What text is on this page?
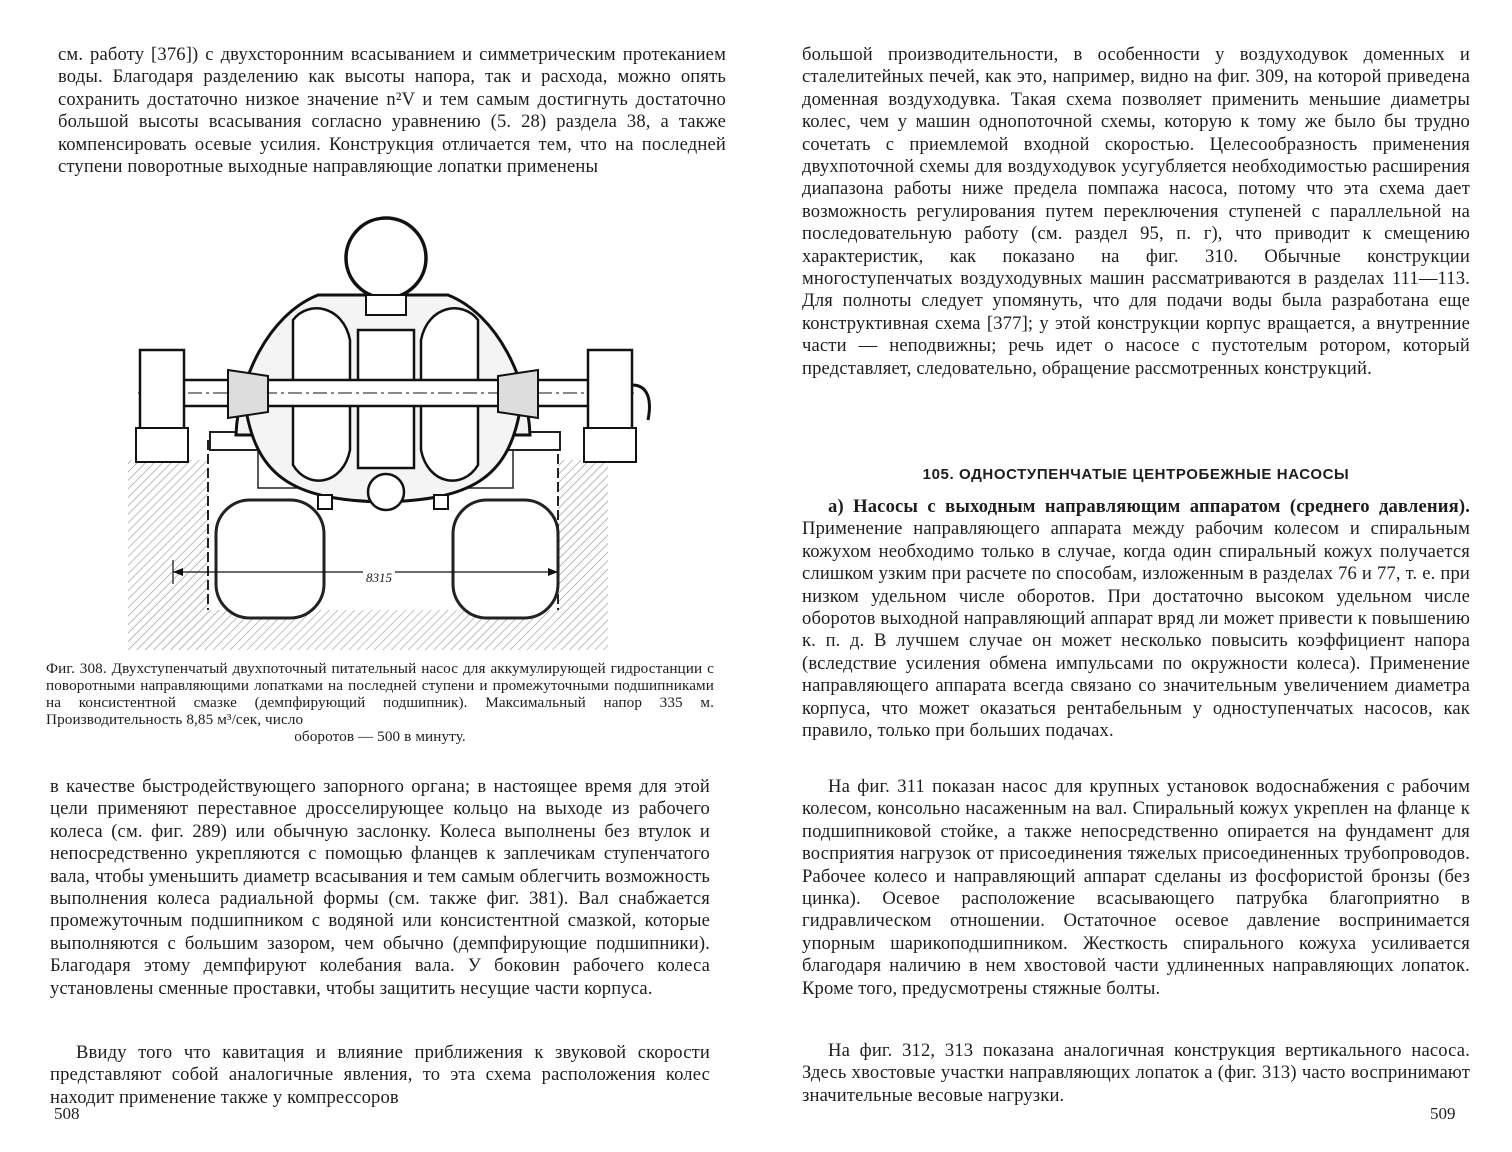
см. работу [376]) с двухсторонним всасыванием и симметрическим протеканием воды. Благодаря разделению как высоты напора, так и расхода, можно опять сохранить достаточно низкое значение n²V и тем самым достигнуть достаточно большой высоты всасывания согласно уравнению (5. 28) раздела 38, а также компенсировать осевые усилия. Конструкция отличается тем, что на последней ступени поворотные выходные направляющие лопатки применены

8315

Фиг. 308. Двухступенчатый двухпоточный питательный насос для аккумулирующей гидростанции с поворотными направляющими лопатками на последней ступени и промежуточными подшипниками на консистентной смазке (демпфирующий подшипник). Максимальный напор 335 м. Производительность 8,85 м³/сек, число
оборотов — 500 в минуту.

в качестве быстродействующего запорного органа; в настоящее время для этой цели применяют переставное дросселирующее кольцо на выходе из рабочего колеса (см. фиг. 289) или обычную заслонку. Колеса выполнены без втулок и непосредственно укрепляются с помощью фланцев к заплечикам ступенчатого вала, чтобы уменьшить диаметр всасывания и тем самым облегчить возможность выполнения колеса радиальной формы (см. также фиг. 381). Вал снабжается промежуточным подшипником с водяной или консистентной смазкой, которые выполняются с большим зазором, чем обычно (демпфирующие подшипники). Благодаря этому демпфируют колебания вала. У боковин рабочего колеса установлены сменные проставки, чтобы защитить несущие части корпуса.

Ввиду того что кавитация и влияние приближения к звуковой скорости представляют собой аналогичные явления, то эта схема расположения колес находит применение также у компрессоров

508

большой производительности, в особенности у воздуходувок доменных и сталелитейных печей, как это, например, видно на фиг. 309, на которой приведена доменная воздуходувка. Такая схема позволяет применить меньшие диаметры колес, чем у машин однопоточной схемы, которую к тому же было бы трудно сочетать с приемлемой входной скоростью. Целесообразность применения двухпоточной схемы для воздуходувок усугубляется необходимостью расширения диапазона работы ниже предела помпажа насоса, потому что эта схема дает возможность регулирования путем переключения ступеней с параллельной на последовательную работу (см. раздел 95, п. г), что приводит к смещению характеристик, как показано на фиг. 310. Обычные конструкции многоступенчатых воздуходувных машин рассматриваются в разделах 111—113. Для полноты следует упомянуть, что для подачи воды была разработана еще конструктивная схема [377]; у этой конструкции корпус вращается, а внутренние части — неподвижны; речь идет о насосе с пустотелым ротором, который представляет, следовательно, обращение рассмотренных конструкций.

105. ОДНОСТУПЕНЧАТЫЕ ЦЕНТРОБЕЖНЫЕ НАСОСЫ

а) Насосы с выходным направляющим аппаратом (среднего давления). Применение направляющего аппарата между рабочим колесом и спиральным кожухом необходимо только в случае, когда один спиральный кожух получается слишком узким при расчете по способам, изложенным в разделах 76 и 77, т. е. при низком удельном числе оборотов. При достаточно высоком удельном числе оборотов выходной направляющий аппарат вряд ли может привести к повышению к. п. д. В лучшем случае он может несколько повысить коэффициент напора (вследствие усиления обмена импульсами по окружности колеса). Применение направляющего аппарата всегда связано со значительным увеличением диаметра корпуса, что может оказаться рентабельным у одноступенчатых насосов, как правило, только при больших подачах.

На фиг. 311 показан насос для крупных установок водоснабжения с рабочим колесом, консольно насаженным на вал. Спиральный кожух укреплен на фланце к подшипниковой стойке, а также непосредственно опирается на фундамент для восприятия нагрузок от присоединения тяжелых присоединенных трубопроводов. Рабочее колесо и направляющий аппарат сделаны из фосфористой бронзы (без цинка). Осевое расположение всасывающего патрубка благоприятно в гидравлическом отношении. Остаточное осевое давление воспринимается упорным шарикоподшипником. Жесткость спирального кожуха усиливается благодаря наличию в нем хвостовой части удлиненных направляющих лопаток. Кроме того, предусмотрены стяжные болты.

На фиг. 312, 313 показана аналогичная конструкция вертикального насоса. Здесь хвостовые участки направляющих лопаток a (фиг. 313) часто воспринимают значительные весовые нагрузки.

509
